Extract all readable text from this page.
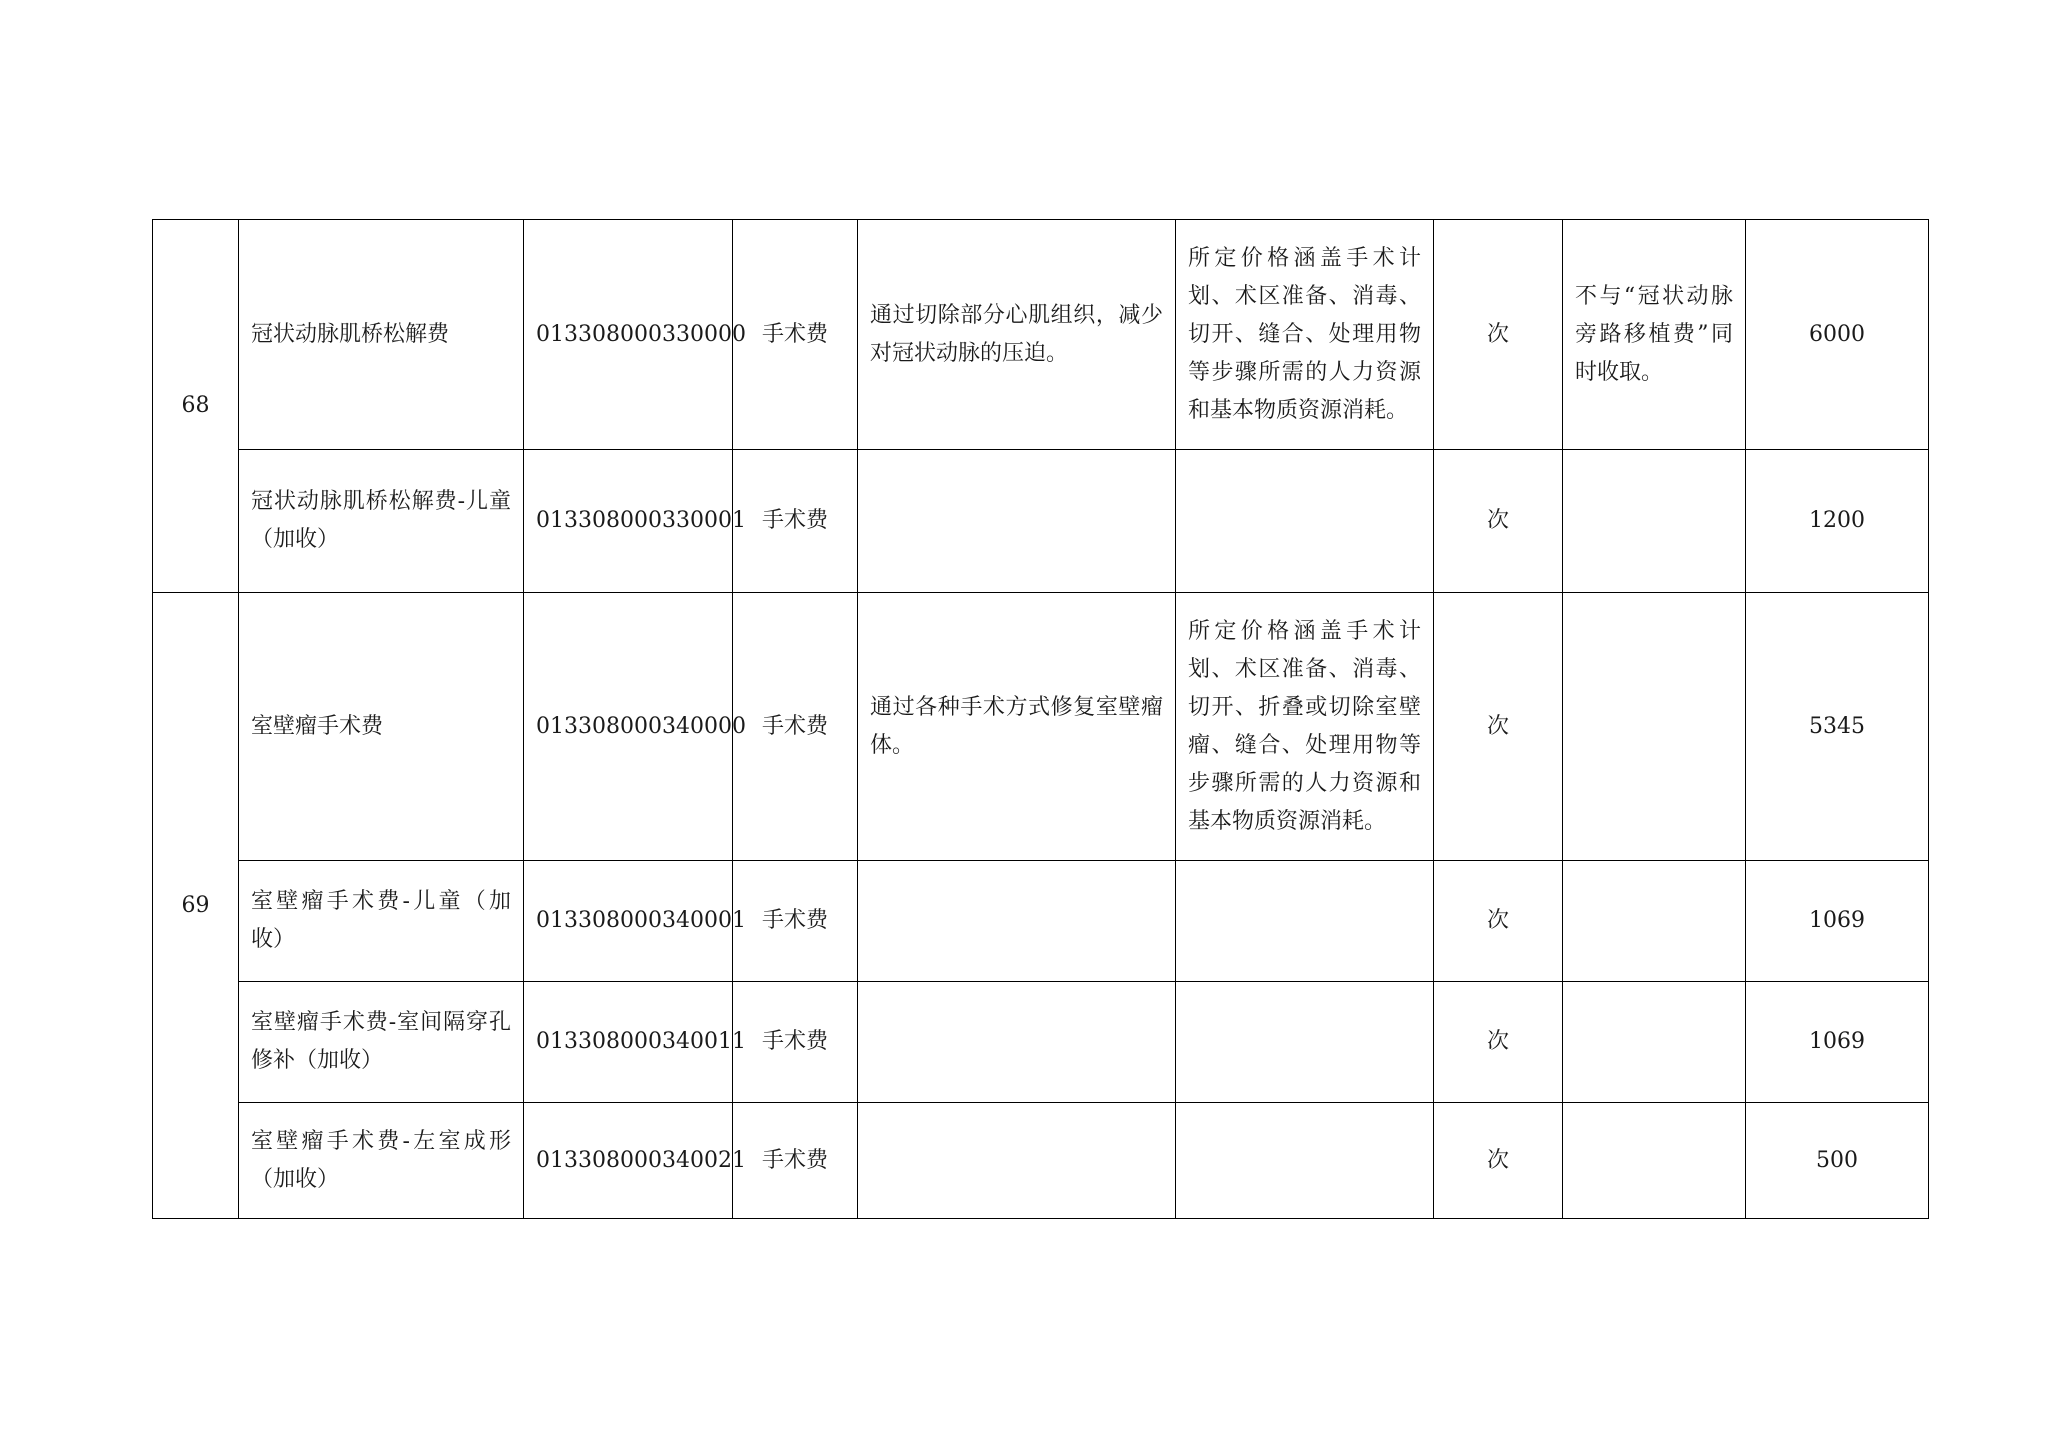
68	冠状动脉肌桥松解费	013308000330000	手术费	通过切除部分心肌组织，减少对冠状动脉的压迫。	所定价格涵盖手术计划、术区准备、消毒、切开、缝合、处理用物等步骤所需的人力资源和基本物质资源消耗。	次	不与“冠状动脉旁路移植费”同时收取。	6000
	冠状动脉肌桥松解费-儿童（加收）	013308000330001	手术费			次		1200
69	室壁瘤手术费	013308000340000	手术费	通过各种手术方式修复室壁瘤体。	所定价格涵盖手术计划、术区准备、消毒、切开、折叠或切除室壁瘤、缝合、处理用物等步骤所需的人力资源和基本物质资源消耗。	次		5345
	室壁瘤手术费-儿童（加收）	013308000340001	手术费			次		1069
	室壁瘤手术费-室间隔穿孔修补（加收）	013308000340011	手术费			次		1069
	室壁瘤手术费-左室成形（加收）	013308000340021	手术费			次		500
